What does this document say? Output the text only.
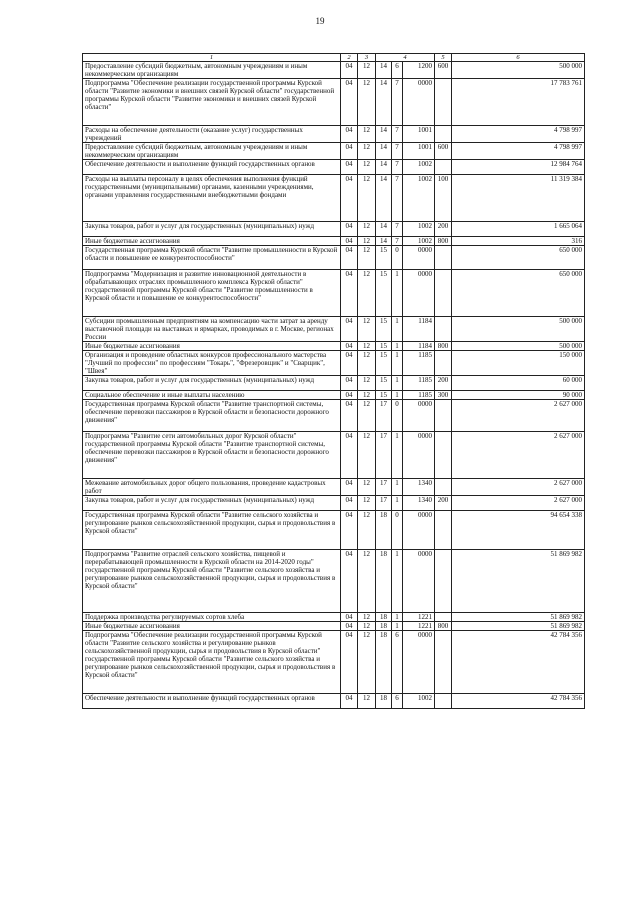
19
1	2	3	4			5	6
Предоставление субсидий бюджетным, автономным учреждениям и иным некоммерческим организациям	04	12	14	6	1200	600	500 000
Подпрограмма "Обеспечение реализации государственной программы Курской области "Развитие экономики и внешних связей Курской области" государственной программы Курской области "Развитие экономики и внешних связей Курской области"	04	12	14	7	0000		17 783 761
Расходы на обеспечение деятельности (оказание услуг) государственных учреждений	04	12	14	7	1001		4 798 997
Предоставление субсидий бюджетным, автономным учреждениям и иным некоммерческим организациям	04	12	14	7	1001	600	4 798 997
Обеспечение деятельности и выполнение функций государственных органов	04	12	14	7	1002		12 984 764
Расходы на выплаты персоналу в целях обеспечения выполнения функций государственными (муниципальными) органами, казенными учреждениями, органами управления государственными внебюджетными фондами	04	12	14	7	1002	100	11 319 384
Закупка товаров, работ и услуг для государственных (муниципальных) нужд	04	12	14	7	1002	200	1 665 064
Иные бюджетные ассигнования	04	12	14	7	1002	800	316
Государственная программа Курской области "Развитие промышленности в Курской области и повышение ее конкурентоспособности"	04	12	15	0	0000		650 000
Подпрограмма "Модернизация и развитие инновационной деятельности в обрабатывающих отраслях промышленного комплекса Курской области" государственной программы Курской области "Развитие промышленности в Курской области и повышение ее конкурентоспособности"	04	12	15	1	0000		650 000
Субсидии промышленным предприятиям на компенсацию части затрат за аренду выставочной площади на выставках и ярмарках, проводимых в г. Москве, регионах России	04	12	15	1	1184		500 000
Иные бюджетные ассигнования	04	12	15	1	1184	800	500 000
Организация и проведение областных конкурсов профессионального мастерства "Лучший по профессии" по профессиям "Токарь", "Фрезеровщик" и "Сварщик", "Швея"	04	12	15	1	1185		150 000
Закупка товаров, работ и услуг для государственных (муниципальных) нужд	04	12	15	1	1185	200	60 000
Социальное обеспечение и иные выплаты населению	04	12	15	1	1185	300	90 000
Государственная программа Курской области "Развитие транспортной системы, обеспечение перевозки пассажиров в Курской области и безопасности дорожного движения"	04	12	17	0	0000		2 627 000
Подпрограмма "Развитие сети автомобильных дорог Курской области" государственной программы Курской области "Развитие транспортной системы, обеспечение перевозки пассажиров в Курской области и безопасности дорожного движения"	04	12	17	1	0000		2 627 000
Межевание автомобильных дорог общего пользования, проведение кадастровых работ	04	12	17	1	1340		2 627 000
Закупка товаров, работ и услуг для государственных (муниципальных) нужд	04	12	17	1	1340	200	2 627 000
Государственная программа Курской области "Развитие сельского хозяйства и регулирование рынков сельскохозяйственной продукции, сырья и продовольствия в Курской области"	04	12	18	0	0000		94 654 338
Подпрограмма "Развитие отраслей сельского хозяйства, пищевой и перерабатывающей промышленности в Курской области на 2014-2020 годы" государственной программы Курской области "Развитие сельского хозяйства и регулирование рынков сельскохозяйственной продукции, сырья и продовольствия в Курской области"	04	12	18	1	0000		51 869 982
Поддержка производства регулируемых сортов хлеба	04	12	18	1	1221		51 869 982
Иные бюджетные ассигнования	04	12	18	1	1221	800	51 869 982
Подпрограмма "Обеспечение реализации государственной программы Курской области "Развитие сельского хозяйства и регулирование рынков сельскохозяйственной продукции, сырья и продовольствия в Курской области" государственной программы Курской области "Развитие сельского хозяйства и регулирование рынков сельскохозяйственной продукции, сырья и продовольствия в Курской области"	04	12	18	6	0000		42 784 356
Обеспечение деятельности и выполнение функций государственных органов	04	12	18	6	1002		42 784 356
